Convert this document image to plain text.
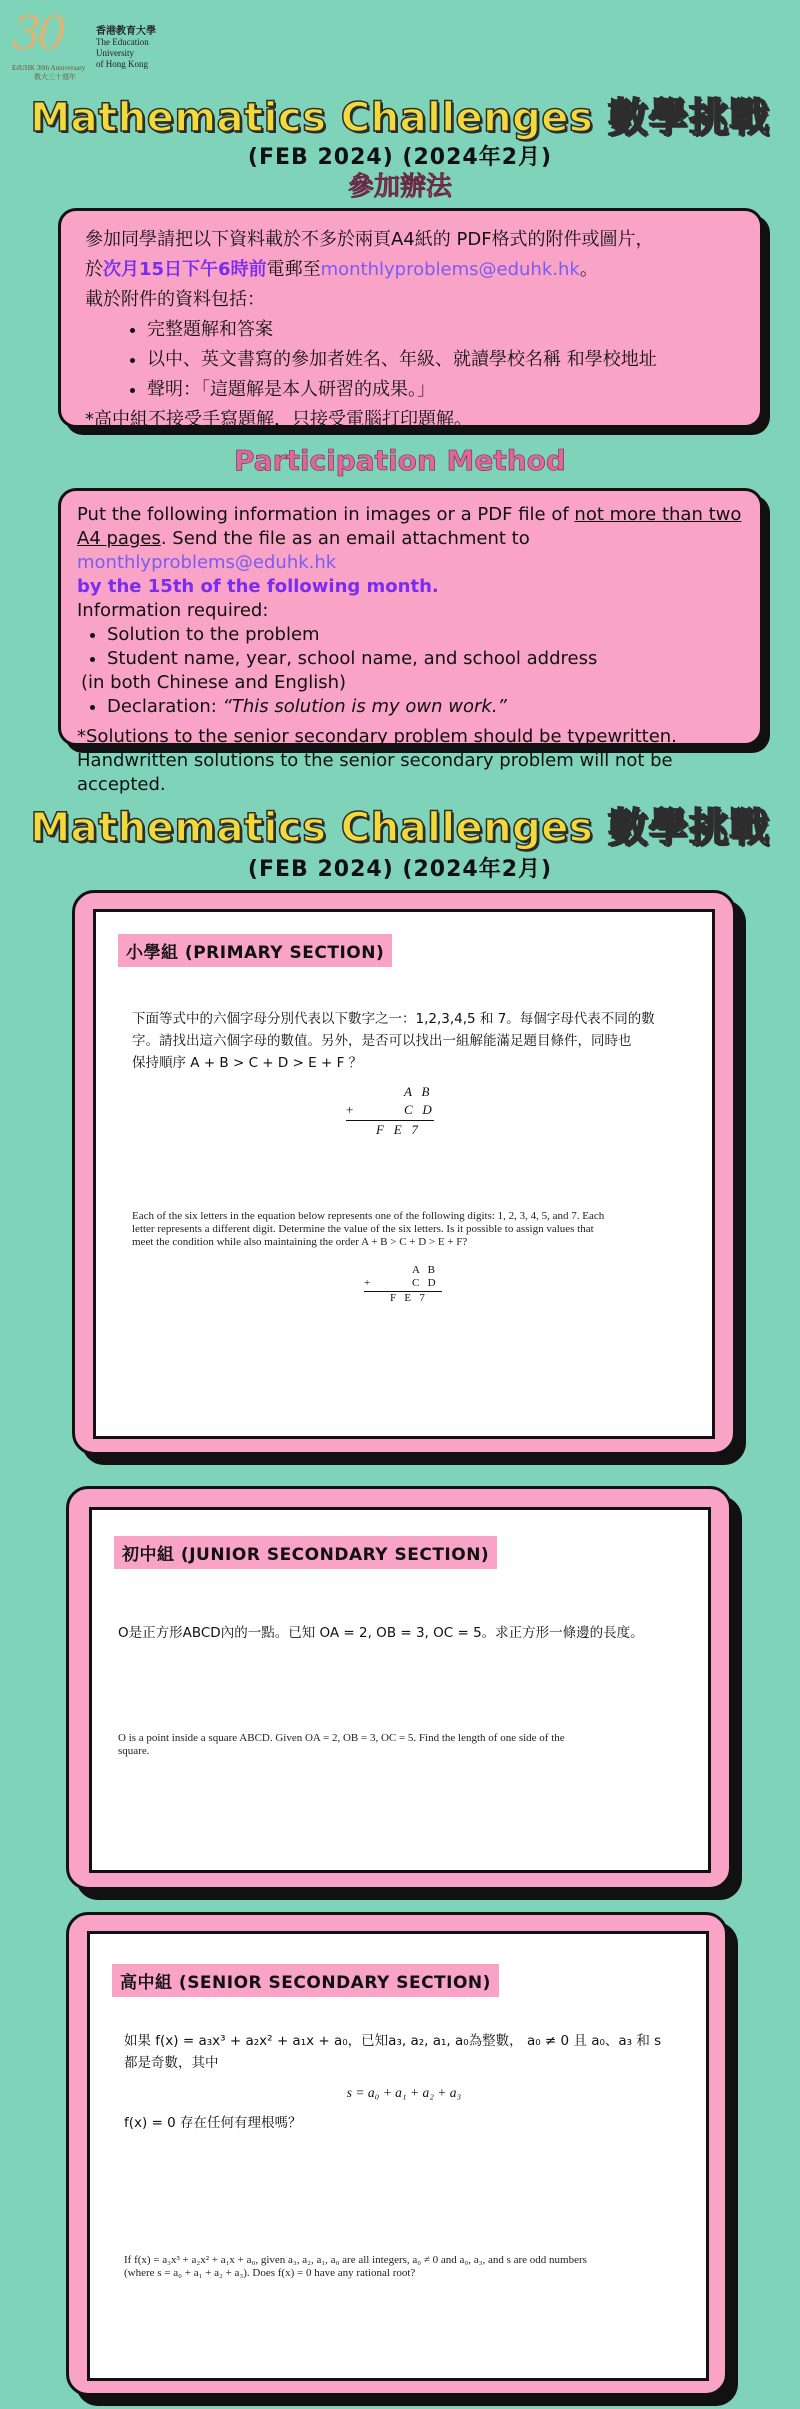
30	香港教育大學
The Education University
of Hong Kong
EdUHK 30th Anniversary
教大三十週年
Mathematics Challenges 數學挑戰
(FEB 2024) (2024年2月)
參加辦法
參加同學請把以下資料載於不多於兩頁A4紙的 PDF格式的附件或圖片，
於次月15日下午6時前電郵至monthlyproblems@eduhk.hk。
載於附件的資料包括：
• 完整題解和答案
• 以中、英文書寫的參加者姓名、年級、就讀學校名稱 和學校地址
• 聲明：「這題解是本人研習的成果。」
*高中組不接受手寫題解，只接受電腦打印題解。
Participation Method
Put the following information in images or a PDF file of not more than two A4 pages. Send the file as an email attachment to monthlyproblems@eduhk.hk
by the 15th of the following month.
Information required:
• Solution to the problem
• Student name, year, school name, and school address
(in both Chinese and English)
• Declaration: “This solution is my own work.”
*Solutions to the senior secondary problem should be typewritten.
Handwritten solutions to the senior secondary problem will not be accepted.
Mathematics Challenges 數學挑戰
(FEB 2024) (2024年2月)
小學組 (PRIMARY SECTION)
下面等式中的六個字母分別代表以下數字之一：1,2,3,4,5 和 7。每個字母代表不同的數
字。請找出這六個字母的數值。另外，是否可以找出一組解能滿足題目條件，同時也
保持順序 A + B > C + D > E + F ？
A   B
+	C   D
F   E   7
Each of the six letters in the equation below represents one of the following digits: 1, 2, 3, 4, 5, and 7. Each
letter represents a different digit. Determine the value of the six letters. Is it possible to assign values that
meet the condition while also maintaining the order A + B > C + D > E + F?
A   B
+	C   D
F   E   7
初中組 (JUNIOR SECONDARY SECTION)
O是正方形ABCD內的一點。已知 OA = 2, OB = 3, OC = 5。求正方形一條邊的長度。
O is a point inside a square ABCD. Given OA = 2, OB = 3, OC = 5. Find the length of one side of the
square.
高中組 (SENIOR SECONDARY SECTION)
如果 f(x) = a₃x³ + a₂x² + a₁x + a₀，已知a₃, a₂, a₁, a₀為整數， a₀ ≠ 0 且 a₀、a₃ 和 s
都是奇數，其中
s = a₀ + a₁ + a₂ + a₃
f(x) = 0 存在任何有理根嗎？
If f(x) = a₃x³ + a₂x² + a₁x + a₀, given a₃, a₂, a₁, a₀ are all integers, a₀ ≠ 0 and a₀, a₃, and s are odd numbers
(where s = a₀ + a₁ + a₂ + a₃). Does f(x) = 0 have any rational root?
